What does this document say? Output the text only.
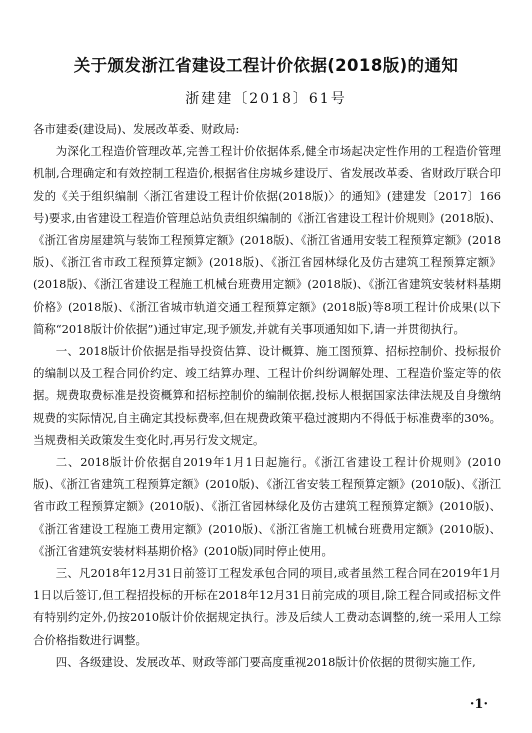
关于颁发浙江省建设工程计价依据(2018版)的通知
浙建建〔2018〕61号

各市建委(建设局)、发展改革委、财政局:

为深化工程造价管理改革,完善工程计价依据体系,健全市场起决定性作用的工程造价管理机制,合理确定和有效控制工程造价,根据省住房城乡建设厅、省发展改革委、省财政厅联合印发的《关于组织编制〈浙江省建设工程计价依据(2018版)〉的通知》(建建发〔2017〕166号)要求,由省建设工程造价管理总站负责组织编制的《浙江省建设工程计价规则》(2018版)、《浙江省房屋建筑与装饰工程预算定额》(2018版)、《浙江省通用安装工程预算定额》(2018版)、《浙江省市政工程预算定额》(2018版)、《浙江省园林绿化及仿古建筑工程预算定额》(2018版)、《浙江省建设工程施工机械台班费用定额》(2018版)、《浙江省建筑安装材料基期价格》(2018版)、《浙江省城市轨道交通工程预算定额》(2018版)等8项工程计价成果(以下简称“2018版计价依据”)通过审定,现予颁发,并就有关事项通知如下,请一并贯彻执行。

一、2018版计价依据是指导投资估算、设计概算、施工图预算、招标控制价、投标报价的编制以及工程合同价约定、竣工结算办理、工程计价纠纷调解处理、工程造价鉴定等的依据。规费取费标准是投资概算和招标控制价的编制依据,投标人根据国家法律法规及自身缴纳规费的实际情况,自主确定其投标费率,但在规费政策平稳过渡期内不得低于标准费率的30%。当规费相关政策发生变化时,再另行发文规定。

二、2018版计价依据自2019年1月1日起施行。《浙江省建设工程计价规则》(2010版)、《浙江省建筑工程预算定额》(2010版)、《浙江省安装工程预算定额》(2010版)、《浙江省市政工程预算定额》(2010版)、《浙江省园林绿化及仿古建筑工程预算定额》(2010版)、《浙江省建设工程施工费用定额》(2010版)、《浙江省施工机械台班费用定额》(2010版)、《浙江省建筑安装材料基期价格》(2010版)同时停止使用。

三、凡2018年12月31日前签订工程发承包合同的项目,或者虽然工程合同在2019年1月1日以后签订,但工程招投标的开标在2018年12月31日前完成的项目,除工程合同或招标文件有特别约定外,仍按2010版计价依据规定执行。涉及后续人工费动态调整的,统一采用人工综合价格指数进行调整。

四、各级建设、发展改革、财政等部门要高度重视2018版计价依据的贯彻实施工作,

·1·
